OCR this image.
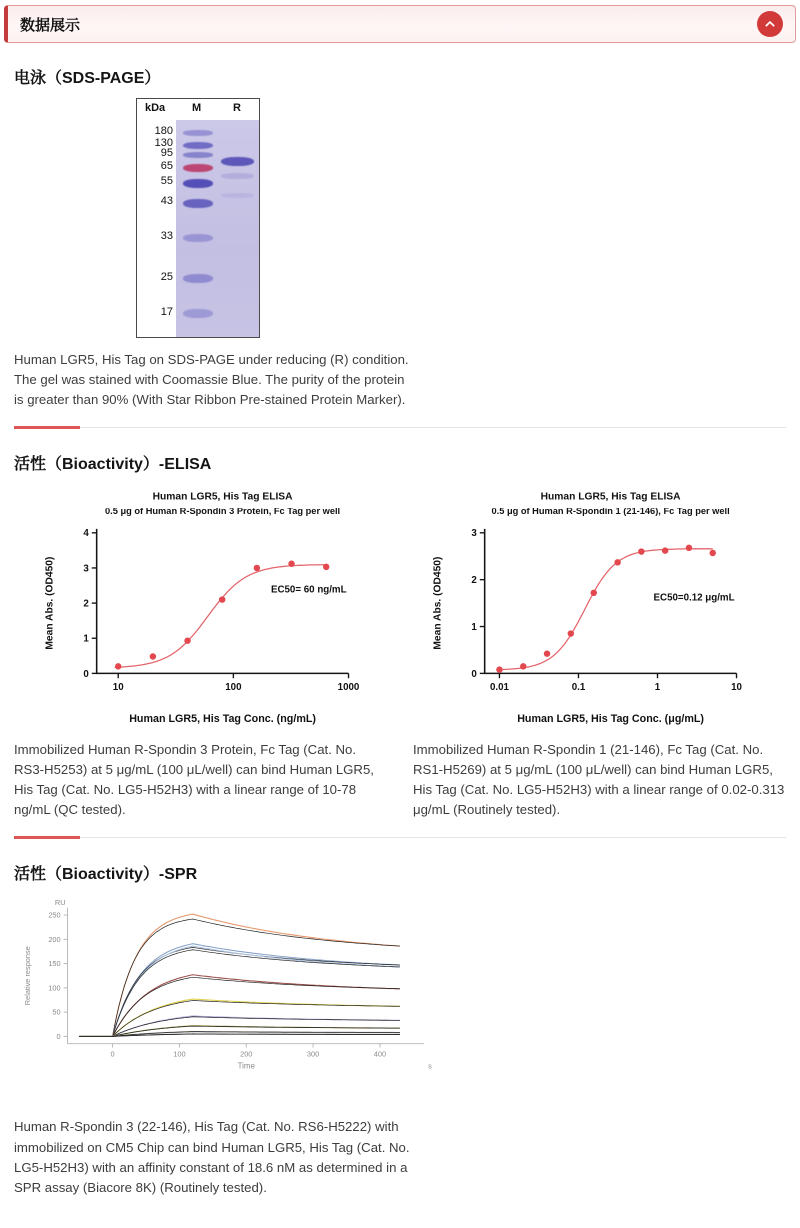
数据展示
电泳（SDS-PAGE）
kDa M	R
180
130
95
65
55
43
33
25
17
Human LGR5, His Tag on SDS-PAGE under reducing (R) condition. The gel was stained with Coomassie Blue. The purity of the protein is greater than 90% (With Star Ribbon Pre-stained Protein Marker).
活性（Bioactivity）-ELISA
Human LGR5, His Tag ELISA
0.5 μg of Human R-Spondin 3 Protein, Fc Tag per well
0
1
2
3
4
10	100	1000
Mean Abs. (OD450)
Human LGR5, His Tag Conc. (ng/mL)
EC50= 60 ng/mL
Human LGR5, His Tag ELISA
0.5 μg of Human R-Spondin 1 (21-146), Fc Tag per well
0
1
2
3
0.01	0.1	1	10
Mean Abs. (OD450)
Human LGR5, His Tag Conc. (μg/mL)
EC50=0.12 μg/mL
Immobilized Human R-Spondin 3 Protein, Fc Tag (Cat. No. RS3-H5253) at 5 μg/mL (100 μL/well) can bind Human LGR5, His Tag (Cat. No. LG5-H52H3) with a linear range of 10-78 ng/mL (QC tested).
Immobilized Human R-Spondin 1 (21-146), Fc Tag (Cat. No. RS1-H5269) at 5 μg/mL (100 μL/well) can bind Human LGR5, His Tag (Cat. No. LG5-H52H3) with a linear range of 0.02-0.313 μg/mL (Routinely tested).
活性（Bioactivity）-SPR
0
50
100
150
200
250
0	100	200	300	400
RU
Relative response
Time	s
Human R-Spondin 3 (22-146), His Tag (Cat. No. RS6-H5222) with immobilized on CM5 Chip can bind Human LGR5, His Tag (Cat. No. LG5-H52H3) with an affinity constant of 18.6 nM as determined in a SPR assay (Biacore 8K) (Routinely tested).
